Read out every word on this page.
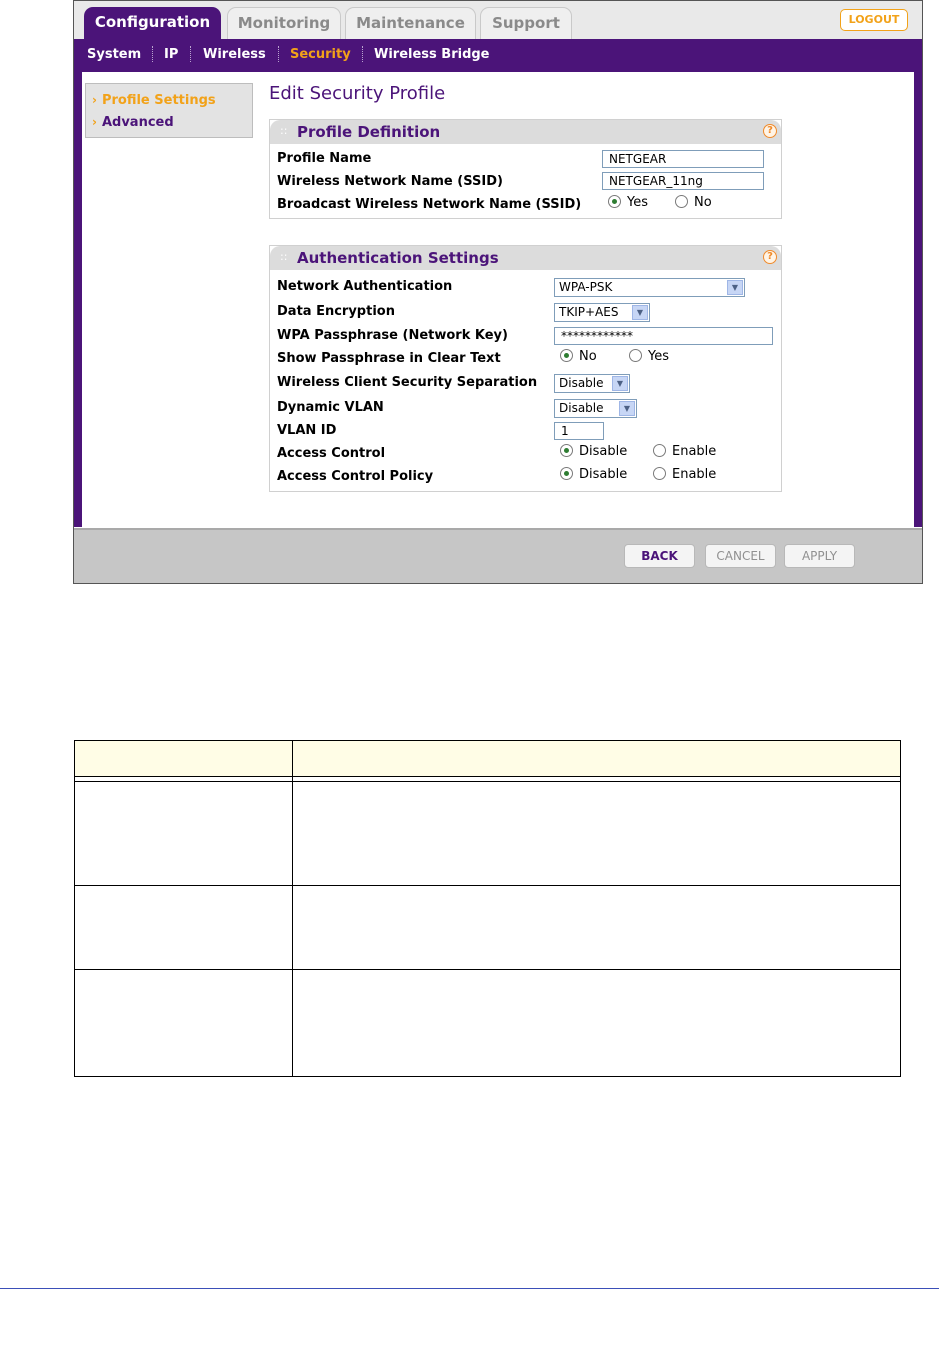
Configuration	Monitoring	Maintenance	Support	LOGOUT
System IP Wireless Security Wireless Bridge
› Profile Settings
› Advanced
Edit Security Profile
:: Profile Definition	?
Profile Name	NETGEAR
Wireless Network Name (SSID)	NETGEAR_11ng
Broadcast Wireless Network Name (SSID)	Yes	No
:: Authentication Settings	?
Network Authentication	WPA-PSK	▼
Data Encryption	TKIP+AES	▼
WPA Passphrase (Network Key)	************
Show Passphrase in Clear Text	No	Yes
Wireless Client Security Separation	Disable	▼
Dynamic VLAN	Disable	▼
VLAN ID	1
Access Control	Disable	Enable
Access Control Policy	Disable	Enable
BACK	CANCEL	APPLY
